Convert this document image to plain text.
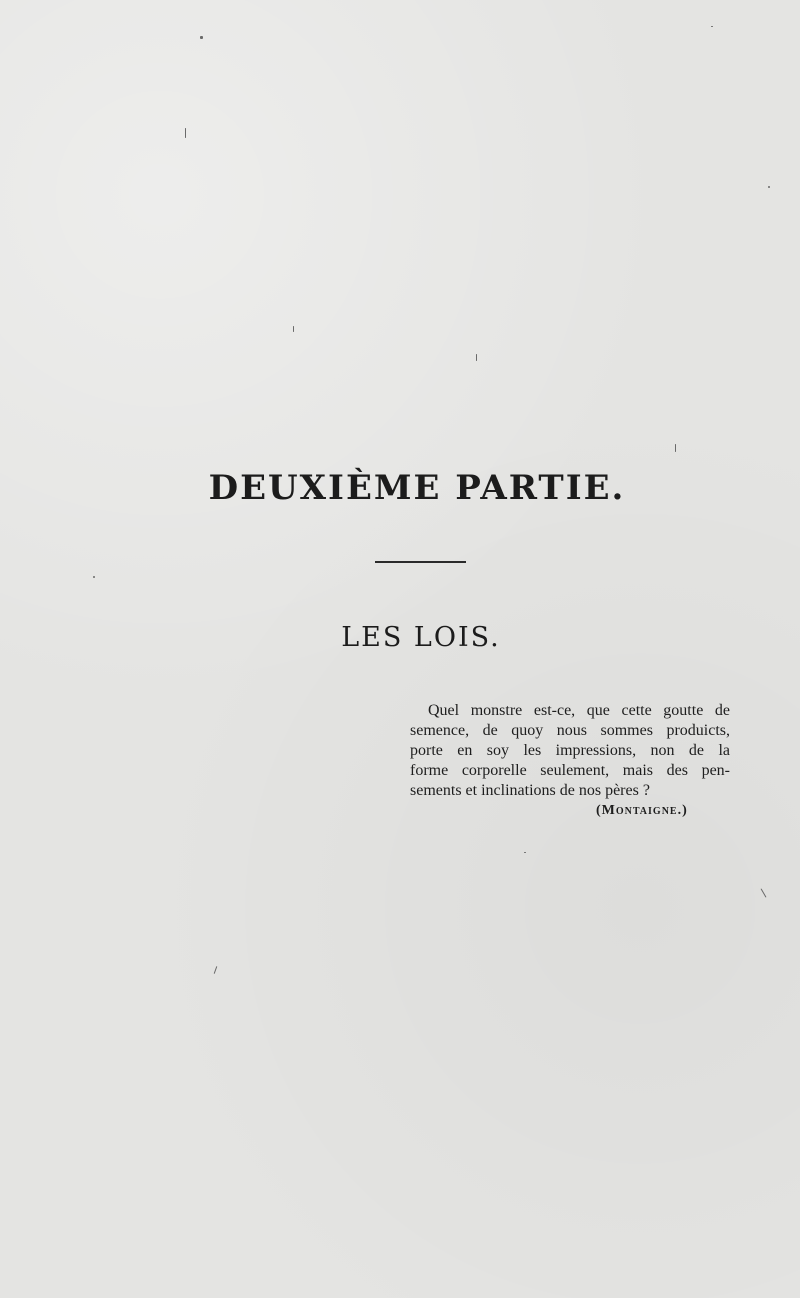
DEUXIÈME PARTIE.
LES LOIS.
Quel monstre est-ce, que cette goutte de
semence, de quoy nous sommes produicts,
porte en soy les impressions, non de la
forme corporelle seulement, mais des pen-
sements et inclinations de nos pères ?
(Montaigne.)
